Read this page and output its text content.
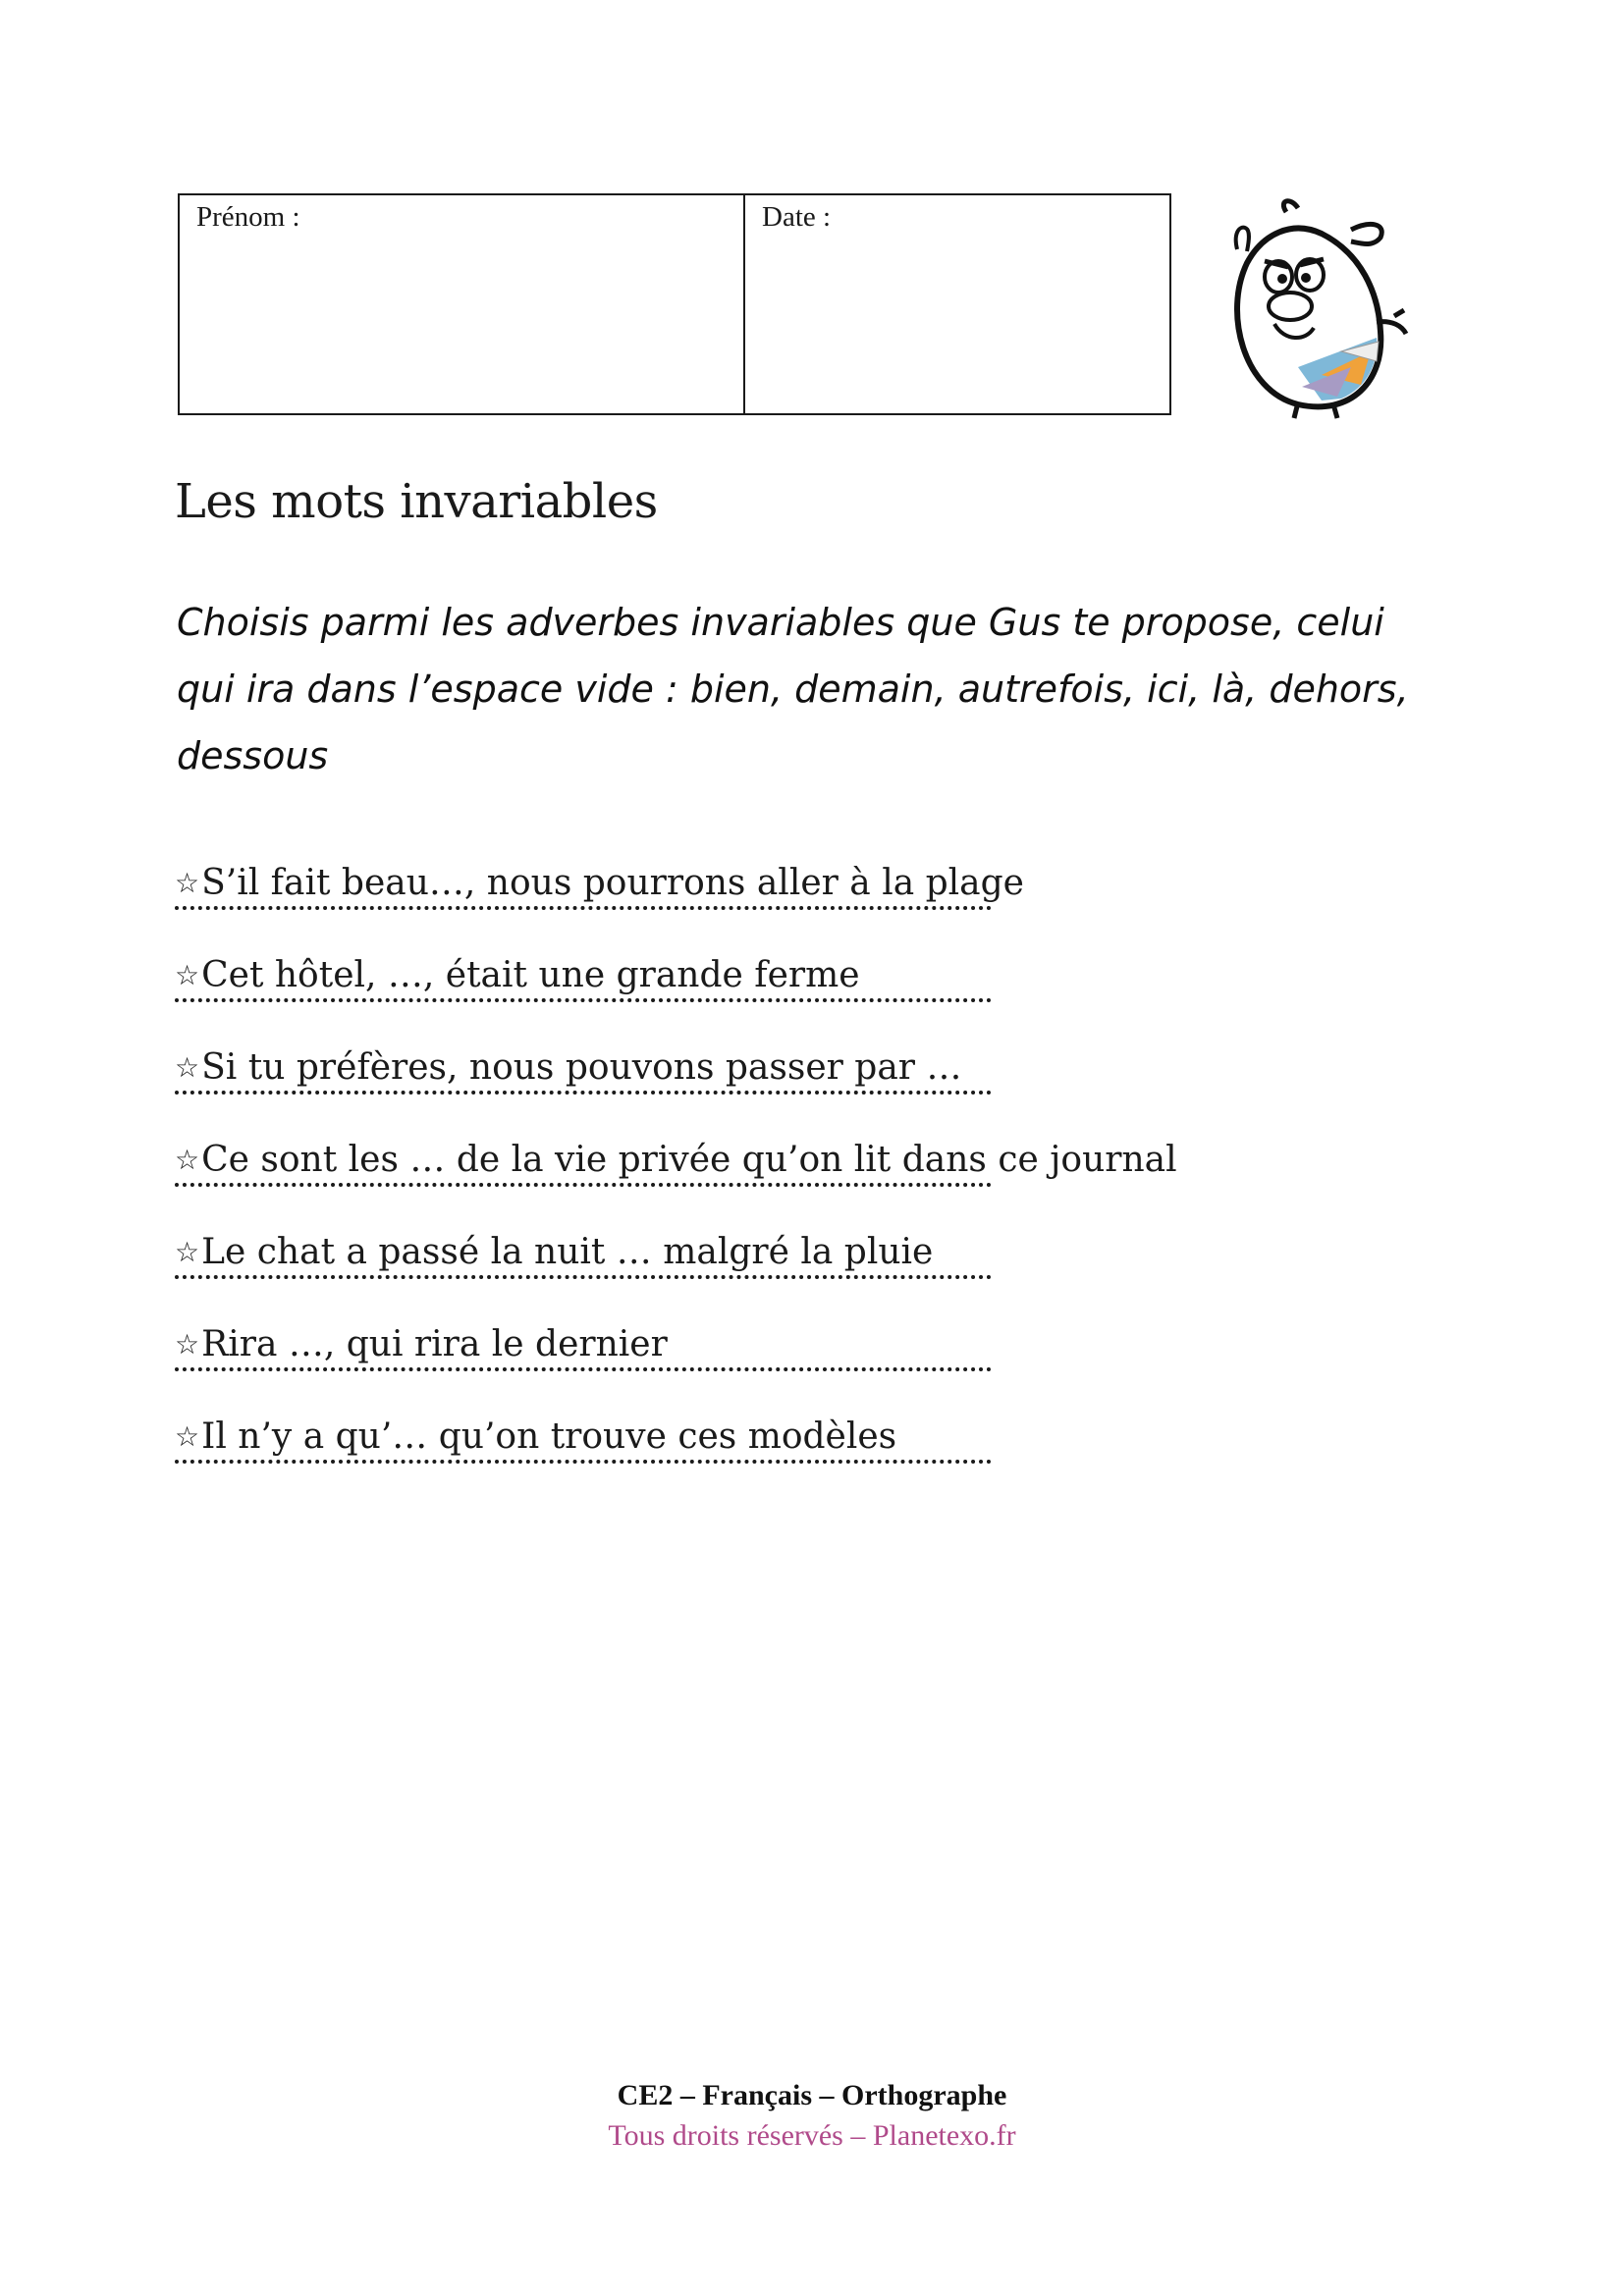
Prénom :	Date :
Les mots invariables

Choisis parmi les adverbes invariables que Gus te propose, celui qui ira dans l’espace vide : bien, demain, autrefois, ici, là, dehors, dessous

☆S’il fait beau…, nous pourrons aller à la plage
☆Cet hôtel, …, était une grande ferme
☆Si tu préfères, nous pouvons passer par …
☆Ce sont les … de la vie privée qu’on lit dans ce journal
☆Le chat a passé la nuit … malgré la pluie
☆Rira …, qui rira le dernier
☆Il n’y a qu’… qu’on trouve ces modèles
CE2 – Français – Orthographe
Tous droits réservés – Planetexo.fr
